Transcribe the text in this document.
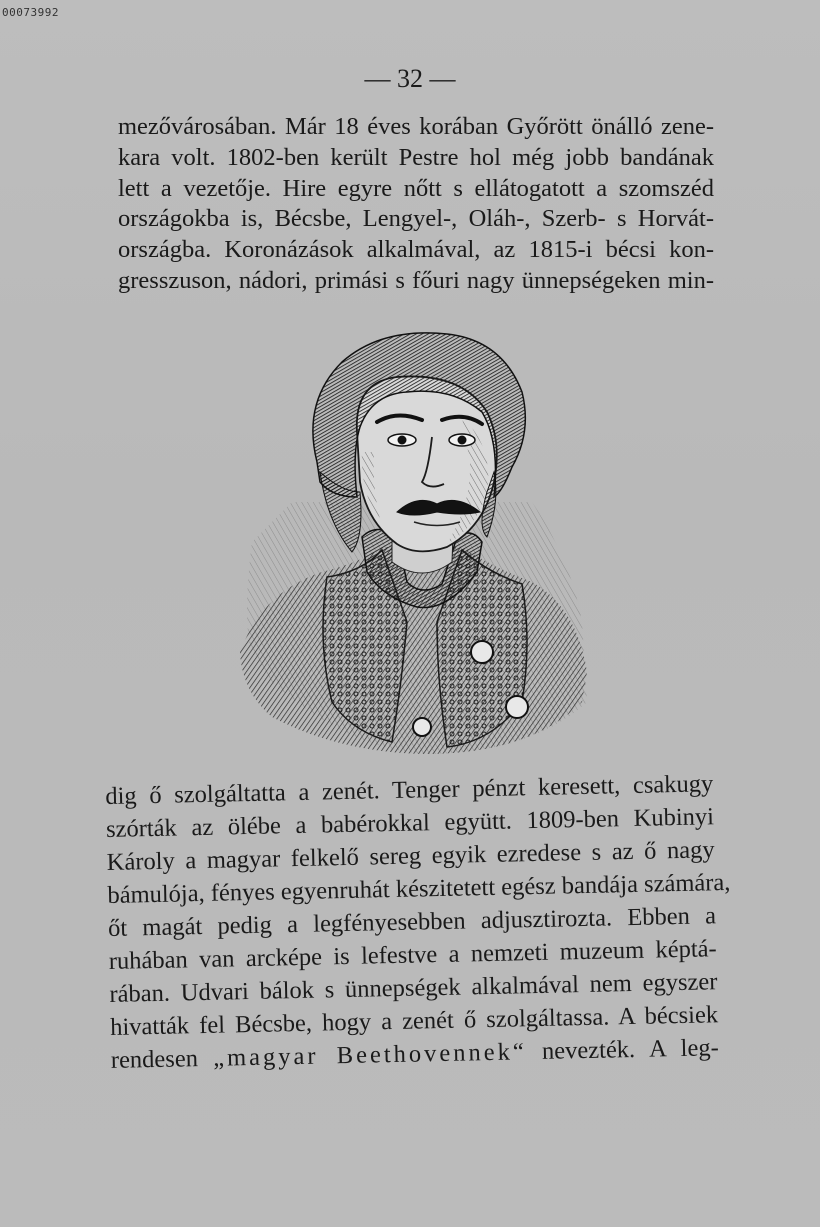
00073992
— 32 —
mezővárosában. Már 18 éves korában Győrött önálló zene-
kara volt. 1802-ben került Pestre hol még jobb bandának
lett a vezetője. Hire egyre nőtt s ellátogatott a szomszéd
országokba is, Bécsbe, Lengyel-, Oláh-, Szerb- s Horvát-
országba. Koronázások alkalmával, az 1815-i bécsi kon-
gresszuson, nádori, primási s főuri nagy ünnepségeken min-
dig ő szolgáltatta a zenét. Tenger pénzt keresett, csakugy
szórták az ölébe a babérokkal együtt. 1809-ben Kubinyi
Károly a magyar felkelő sereg egyik ezredese s az ő nagy
bámulója, fényes egyenruhát készitetett egész bandája számára,
őt magát pedig a legfényesebben adjusztirozta. Ebben a
ruhában van arcképe is lefestve a nemzeti muzeum képtá-
rában. Udvari bálok s ünnepségek alkalmával nem egyszer
hivatták fel Bécsbe, hogy a zenét ő szolgáltassa. A bécsiek
rendesen „magyar Beethovennek“ nevezték. A leg-
